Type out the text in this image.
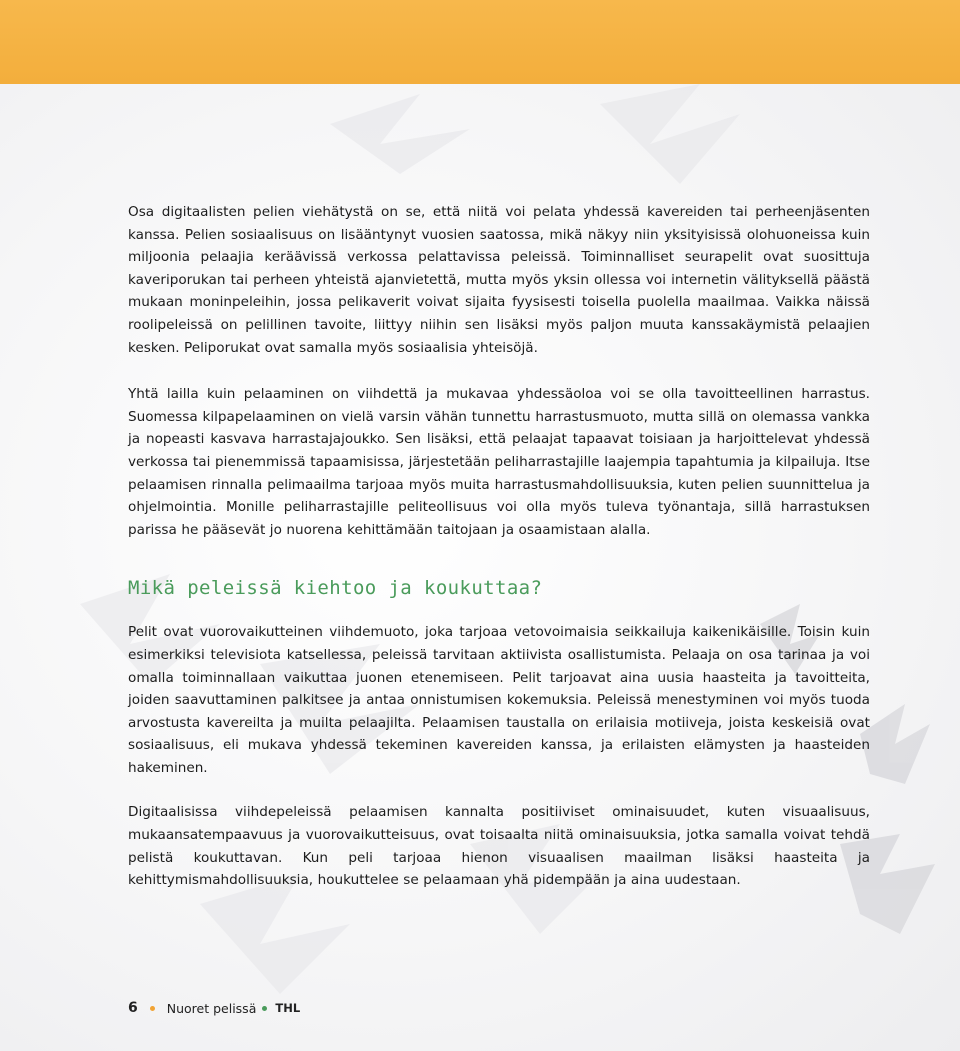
Osa digitaalisten pelien viehätystä on se, että niitä voi pelata yhdessä kavereiden tai perheenjäsenten kanssa. Pelien sosiaalisuus on lisääntynyt vuosien saatossa, mikä näkyy niin yksityisissä olohuoneissa kuin miljoonia pelaajia keräävissä verkossa pelattavissa peleissä. Toiminnalliset seurapelit ovat suosittuja kaveriporukan tai perheen yhteistä ajanvietettä, mutta myös yksin ollessa voi internetin välityksellä päästä mukaan moninpeleihin, jossa pelikaverit voivat sijaita fyysisesti toisella puolella maailmaa. Vaikka näissä roolipeleissä on pelillinen tavoite, liittyy niihin sen lisäksi myös paljon muuta kanssakäymistä pelaajien kesken. Peliporukat ovat samalla myös sosiaalisia yhteisöjä.

Yhtä lailla kuin pelaaminen on viihdettä ja mukavaa yhdessäoloa voi se olla tavoitteellinen harrastus. Suomessa kilpapelaaminen on vielä varsin vähän tunnettu harrastusmuoto, mutta sillä on olemassa vankka ja nopeasti kasvava harrastajajoukko. Sen lisäksi, että pelaajat tapaavat toisiaan ja harjoittelevat yhdessä verkossa tai pienemmissä tapaamisissa, järjestetään peliharrastajille laajempia tapahtumia ja kilpailuja. Itse pelaamisen rinnalla pelimaailma tarjoaa myös muita harrastusmahdollisuuksia, kuten pelien suunnittelua ja ohjelmointia. Monille peliharrastajille peliteollisuus voi olla myös tuleva työnantaja, sillä harrastuksen parissa he pääsevät jo nuorena kehittämään taitojaan ja osaamistaan alalla.

Mikä peleissä kiehtoo ja koukuttaa?

Pelit ovat vuorovaikutteinen viihdemuoto, joka tarjoaa vetovoimaisia seikkailuja kaikenikäisille. Toisin kuin esimerkiksi televisiota katsellessa, peleissä tarvitaan aktiivista osallistumista. Pelaaja on osa tarinaa ja voi omalla toiminnallaan vaikuttaa juonen etenemiseen. Pelit tarjoavat aina uusia haasteita ja tavoitteita, joiden saavuttaminen palkitsee ja antaa onnistumisen kokemuksia. Peleissä menestyminen voi myös tuoda arvostusta kavereilta ja muilta pelaajilta. Pelaamisen taustalla on erilaisia motiiveja, joista keskeisiä ovat sosiaalisuus, eli mukava yhdessä tekeminen kavereiden kanssa, ja erilaisten elämysten ja haasteiden hakeminen.

Digitaalisissa viihdepeleissä pelaamisen kannalta positiiviset ominaisuudet, kuten visuaalisuus, mukaansatempaavuus ja vuorovaikutteisuus, ovat toisaalta niitä ominaisuuksia, jotka samalla voivat tehdä pelistä koukuttavan. Kun peli tarjoaa hienon visuaalisen maailman lisäksi haasteita ja kehittymismahdollisuuksia, houkuttelee se pelaamaan yhä pidempään ja aina uudestaan.

6 Nuoret pelissä THL
